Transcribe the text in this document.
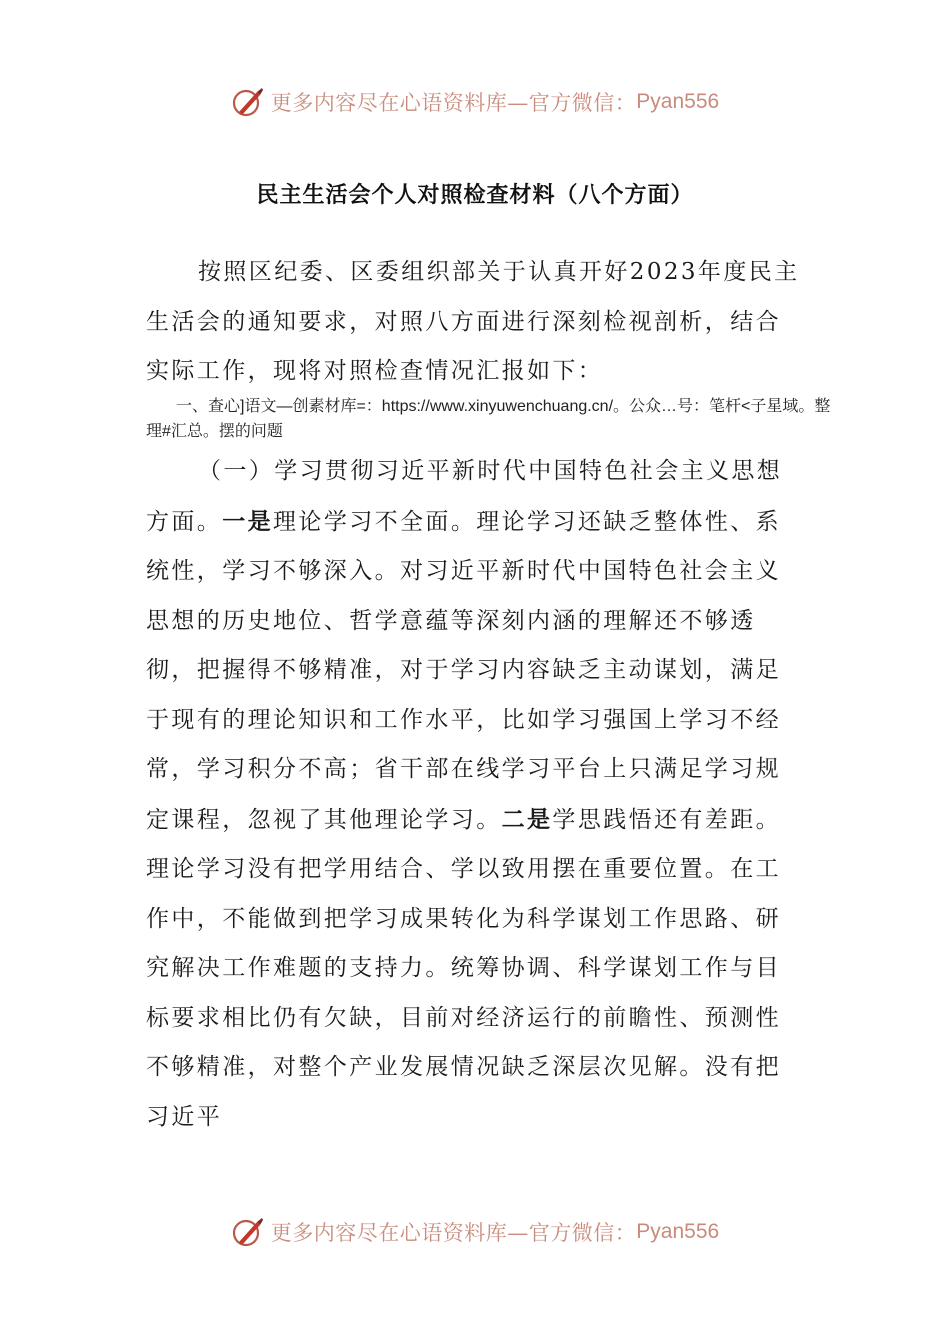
更多内容尽在心语资料库—官方微信： Pyan556
民主生活会个人对照检查材料（八个方面）

按照区纪委、区委组织部关于认真开好2023年度民主生活会的通知要求，对照八方面进行深刻检视剖析，结合实际工作，现将对照检查情况汇报如下：

一、查心]语文—创素材库=：https://www.xinyuwenchuang.cn/。公众…号：笔杆<子星域。整理#汇总。摆的问题

（一）学习贯彻习近平新时代中国特色社会主义思想方面。一是理论学习不全面。理论学习还缺乏整体性、系统性，学习不够深入。对习近平新时代中国特色社会主义思想的历史地位、哲学意蕴等深刻内涵的理解还不够透彻，把握得不够精准，对于学习内容缺乏主动谋划，满足于现有的理论知识和工作水平，比如学习强国上学习不经常，学习积分不高；省干部在线学习平台上只满足学习规定课程，忽视了其他理论学习。二是学思践悟还有差距。理论学习没有把学用结合、学以致用摆在重要位置。在工作中，不能做到把学习成果转化为科学谋划工作思路、研究解决工作难题的支持力。统筹协调、科学谋划工作与目标要求相比仍有欠缺，目前对经济运行的前瞻性、预测性不够精准，对整个产业发展情况缺乏深层次见解。没有把习近平

更多内容尽在心语资料库—官方微信： Pyan556
